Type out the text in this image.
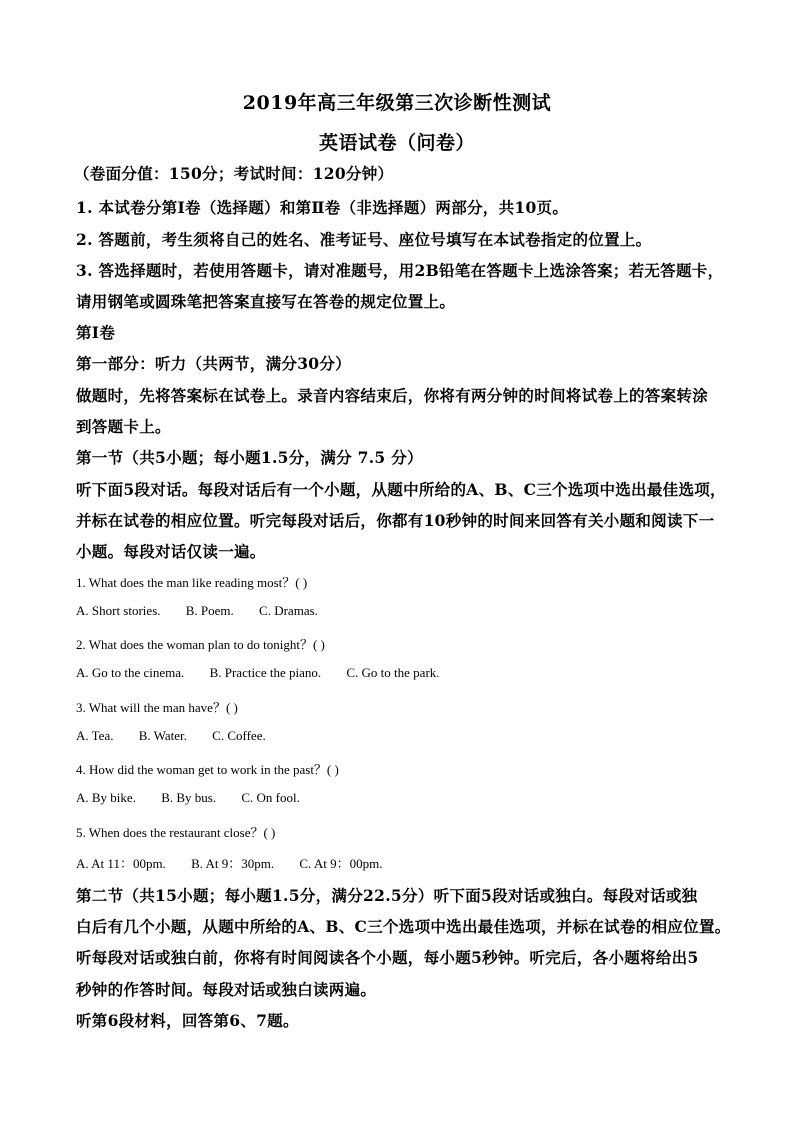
2019年高三年级第三次诊断性测试
英语试卷（问卷）
（卷面分值：150分；考试时间：120分钟）
1. 本试卷分第Ⅰ卷（选择题）和第Ⅱ卷（非选择题）两部分，共10页。
2. 答题前，考生须将自己的姓名、准考证号、座位号填写在本试卷指定的位置上。
3. 答选择题时，若使用答题卡，请对准题号，用2B铅笔在答题卡上选涂答案；若无答题卡，
请用钢笔或圆珠笔把答案直接写在答卷的规定位置上。
第Ⅰ卷
第一部分：听力（共两节，满分30分）
做题时，先将答案标在试卷上。录音内容结束后，你将有两分钟的时间将试卷上的答案转涂
到答题卡上。
第一节（共5小题；每小题1.5分，满分 7.5 分）
听下面5段对话。每段对话后有一个小题，从题中所给的A、B、C三个选项中选出最佳选项，
并标在试卷的相应位置。听完每段对话后，你都有10秒钟的时间来回答有关小题和阅读下一
小题。每段对话仅读一遍。
1. What does the man like reading most？( )
A. Short stories. B. Poem. C. Dramas.
2. What does the woman plan to do tonight？( )
A. Go to the cinema. B. Practice the piano. C. Go to the park.
3. What will the man have？( )
A. Tea. B. Water. C. Coffee.
4. How did the woman get to work in the past？( )
A. By bike. B. By bus. C. On fool.
5. When does the restaurant close？( )
A. At 11：00pm. B. At 9：30pm. C. At 9：00pm.
第二节（共15小题；每小题1.5分，满分22.5分）听下面5段对话或独白。每段对话或独
白后有几个小题，从题中所给的A、B、C三个选项中选出最佳选项，并标在试卷的相应位置。
听每段对话或独白前，你将有时间阅读各个小题，每小题5秒钟。听完后，各小题将给出5
秒钟的作答时间。每段对话或独白读两遍。
听第6段材料，回答第6、7题。
